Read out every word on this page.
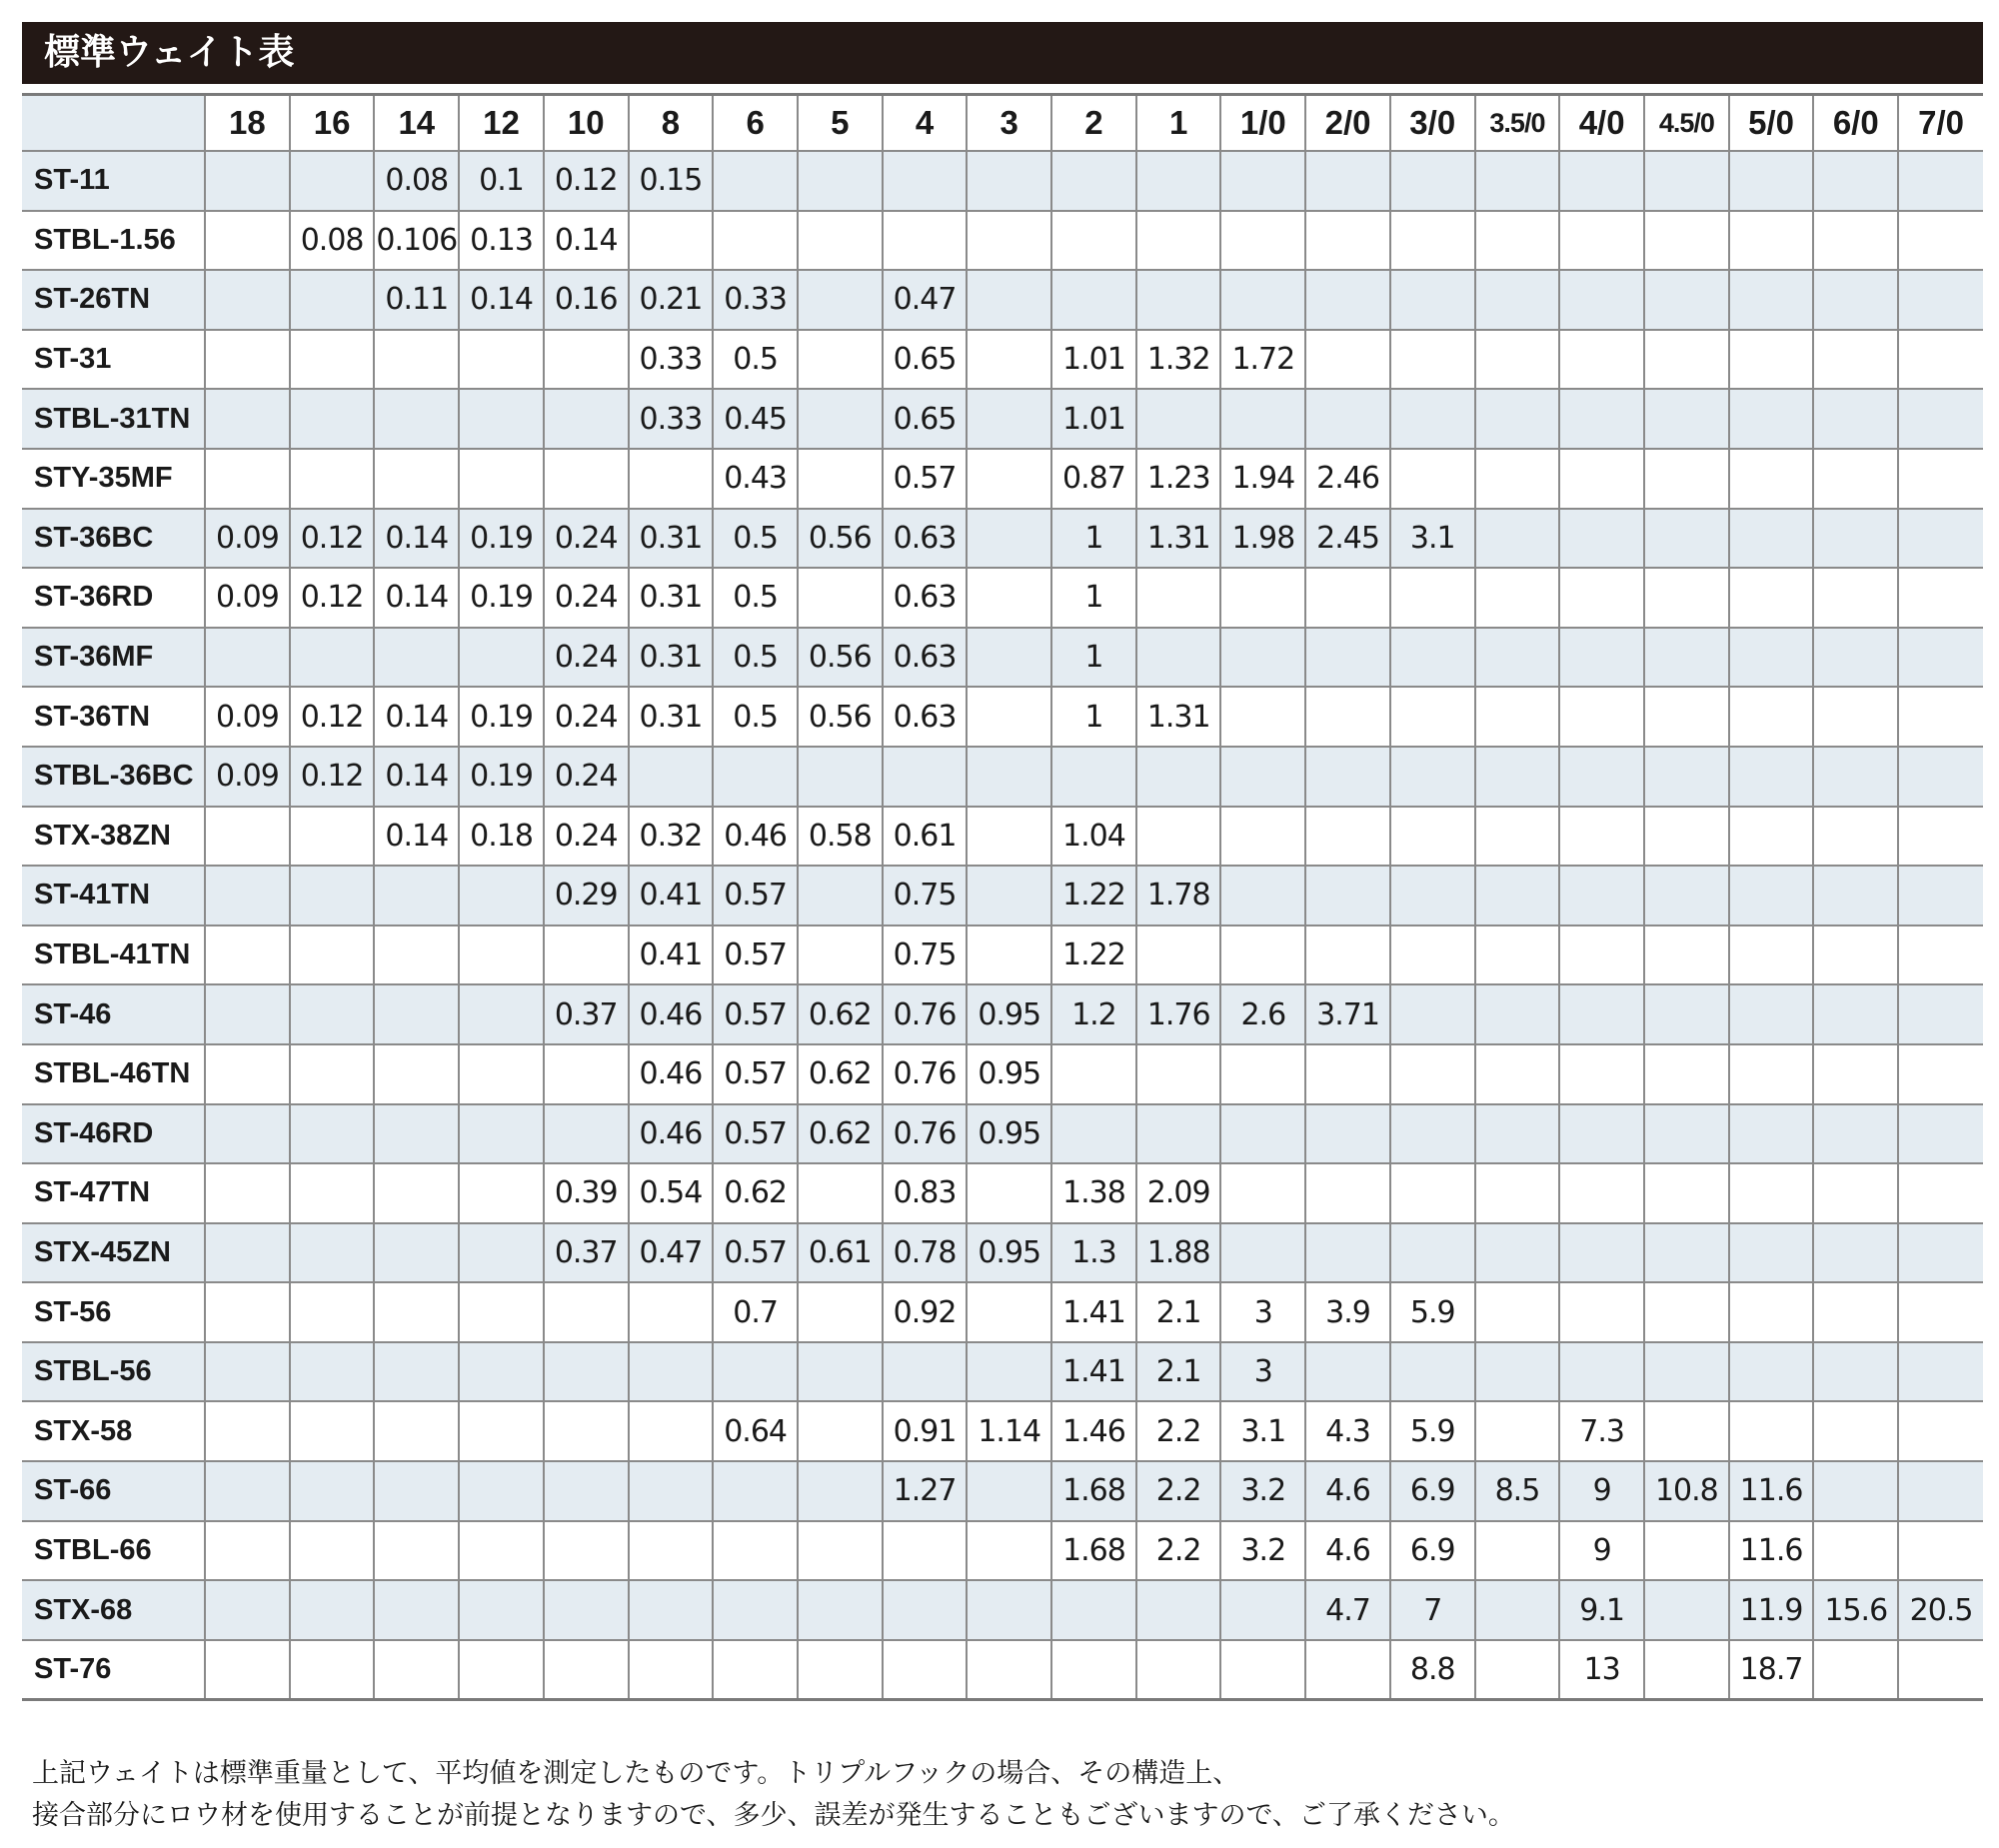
標準ウェイト表
	18	16	14	12	10	8	6	5	4	3	2	1	1/0	2/0	3/0	3.5/0	4/0	4.5/0	5/0	6/0	7/0
ST-11			0.08	0.1	0.12	0.15															
STBL-1.56		0.08	0.106	0.13	0.14																
ST-26TN			0.11	0.14	0.16	0.21	0.33		0.47												
ST-31						0.33	0.5		0.65		1.01	1.32	1.72								
STBL-31TN						0.33	0.45		0.65		1.01										
STY-35MF							0.43		0.57		0.87	1.23	1.94	2.46							
ST-36BC	0.09	0.12	0.14	0.19	0.24	0.31	0.5	0.56	0.63		1	1.31	1.98	2.45	3.1						
ST-36RD	0.09	0.12	0.14	0.19	0.24	0.31	0.5		0.63		1										
ST-36MF					0.24	0.31	0.5	0.56	0.63		1										
ST-36TN	0.09	0.12	0.14	0.19	0.24	0.31	0.5	0.56	0.63		1	1.31									
STBL-36BC	0.09	0.12	0.14	0.19	0.24																
STX-38ZN			0.14	0.18	0.24	0.32	0.46	0.58	0.61		1.04										
ST-41TN					0.29	0.41	0.57		0.75		1.22	1.78									
STBL-41TN						0.41	0.57		0.75		1.22										
ST-46					0.37	0.46	0.57	0.62	0.76	0.95	1.2	1.76	2.6	3.71							
STBL-46TN						0.46	0.57	0.62	0.76	0.95											
ST-46RD						0.46	0.57	0.62	0.76	0.95											
ST-47TN					0.39	0.54	0.62		0.83		1.38	2.09									
STX-45ZN					0.37	0.47	0.57	0.61	0.78	0.95	1.3	1.88									
ST-56							0.7		0.92		1.41	2.1	3	3.9	5.9						
STBL-56											1.41	2.1	3								
STX-58							0.64		0.91	1.14	1.46	2.2	3.1	4.3	5.9		7.3				
ST-66									1.27		1.68	2.2	3.2	4.6	6.9	8.5	9	10.8	11.6		
STBL-66											1.68	2.2	3.2	4.6	6.9		9		11.6		
STX-68														4.7	7		9.1		11.9	15.6	20.5
ST-76															8.8		13		18.7		

上記ウェイトは標準重量として、平均値を測定したものです。トリプルフックの場合、その構造上、

接合部分にロウ材を使用することが前提となりますので、多少、誤差が発生することもございますので、ご了承ください。
